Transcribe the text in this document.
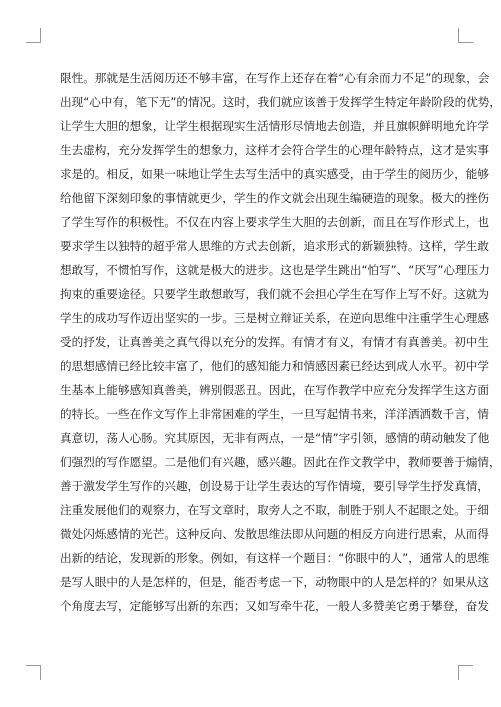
限性。那就是生活阅历还不够丰富，在写作上还存在着“心有余而力不足”的现象，会
出现“心中有，笔下无”的情况。这时，我们就应该善于发挥学生特定年龄阶段的优势，
让学生大胆的想象，让学生根据现实生活情形尽情地去创造，并且旗帜鲜明地允许学
生去虚构，充分发挥学生的想象力，这样才会符合学生的心理年龄特点，这才是实事
求是的。相反，如果一味地让学生去写生活中的真实感受，由于学生的阅历少，能够
给他留下深刻印象的事情就更少，学生的作文就会出现生编硬造的现象。极大的挫伤
了学生写作的积极性。不仅在内容上要求学生大胆的去创新，而且在写作形式上，也
要求学生以独特的超乎常人思维的方式去创新，追求形式的新颖独特。这样，学生敢
想敢写，不惯怕写作，这就是极大的进步。这也是学生跳出“怕写”、“厌写”心理压力
拘束的重要途径。只要学生敢想敢写，我们就不会担心学生在写作上写不好。这就为
学生的成功写作迈出坚实的一步。三是树立辩证关系，在逆向思维中注重学生心理感
受的抒发，让真善美之真气得以充分的发挥。有情才有义，有情才有真善美。初中生
的思想感情已经比较丰富了，他们的感知能力和情感因素已经达到成人水平。初中学
生基本上能够感知真善美，辨别假恶丑。因此，在写作教学中应充分发挥学生这方面
的特长。一些在作文写作上非常困难的学生，一旦写起情书来，洋洋洒洒数千言，情
真意切，荡人心肠。究其原因，无非有两点，一是“情”字引领，感情的萌动触发了他
们强烈的写作愿望。二是他们有兴趣，感兴趣。因此在作文教学中，教师要善于煽情，
善于激发学生写作的兴趣，创设易于让学生表达的写作情境，要引导学生抒发真情，
注重发展他们的观察力，在写文章时，取旁人之不取，制胜于别人不起眼之处。于细
微处闪烁感情的光芒。这种反向、发散思维法即从问题的相反方向进行思索，从而得
出新的结论，发现新的形象。例如，有这样一个题目：“你眼中的人”，通常人的思维
是写人眼中的人是怎样的，但是，能否考虑一下，动物眼中的人是怎样的？如果从这
个角度去写，定能够写出新的东西；又如写牵牛花，一般人多赞美它勇于攀登，奋发
